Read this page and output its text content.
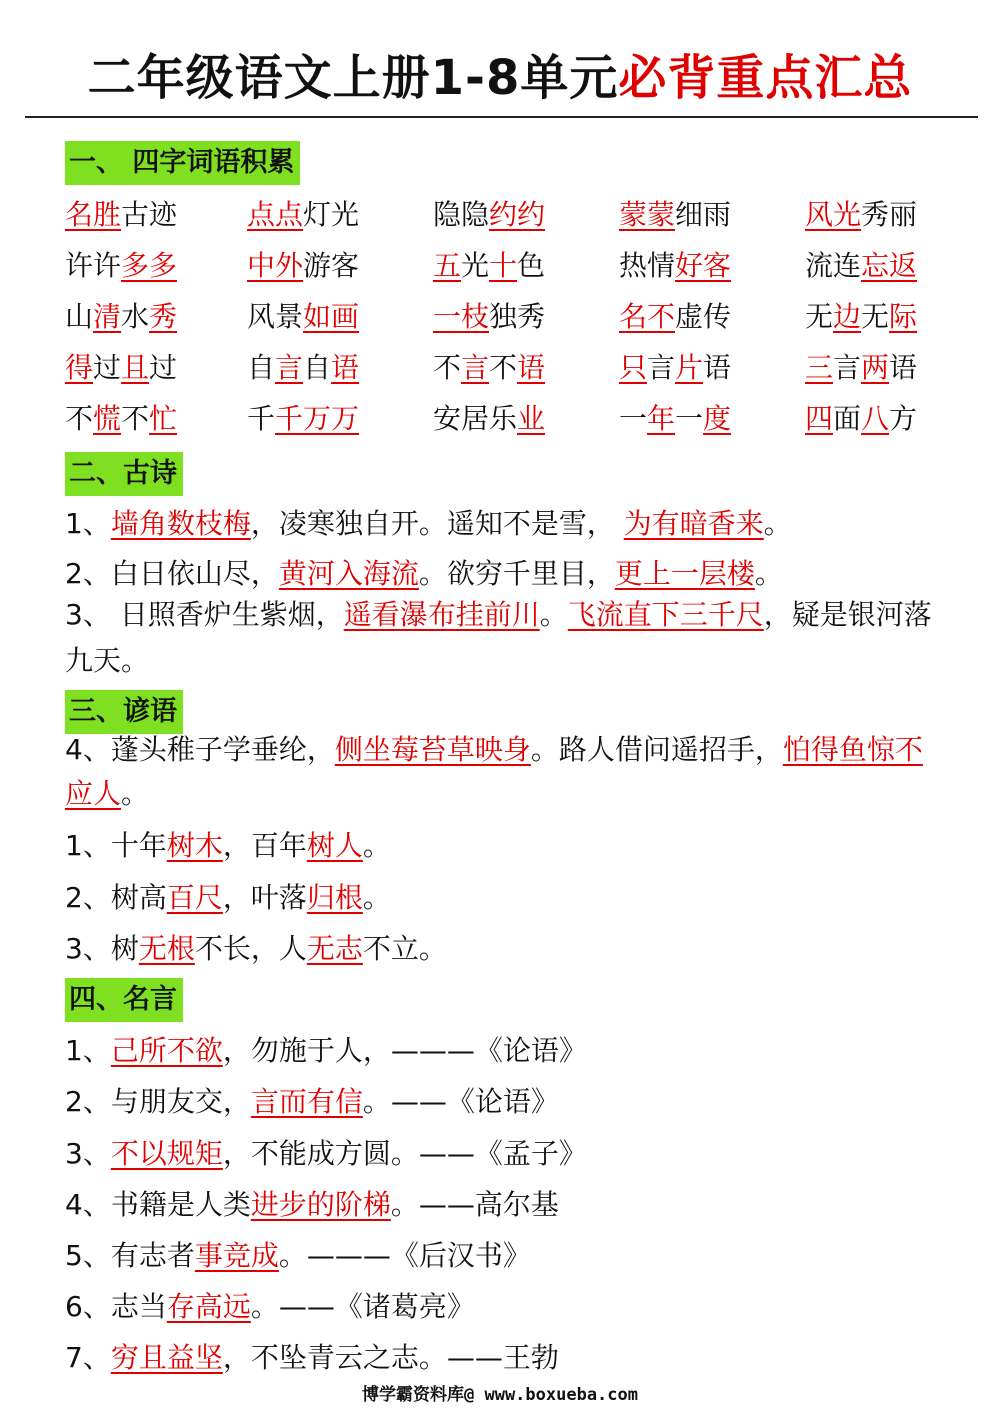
二年级语文上册1-8单元必背重点汇总
一、 四字词语积累
名胜古迹	点点灯光	隐隐约约	蒙蒙细雨	风光秀丽
许许多多	中外游客	五光十色	热情好客	流连忘返
山清水秀	风景如画	一枝独秀	名不虚传	无边无际
得过且过	自言自语	不言不语	只言片语	三言两语
不慌不忙	千千万万	安居乐业	一年一度	四面八方
二、古诗
1、墙角数枝梅，凌寒独自开。遥知不是雪， 为有暗香来。
2、白日依山尽，黄河入海流。欲穷千里目，更上一层楼。
3、 日照香炉生紫烟，遥看瀑布挂前川。飞流直下三千尺，疑是银河落九天。
三、谚语
4、蓬头稚子学垂纶，侧坐莓苔草映身。路人借问遥招手，怕得鱼惊不应人。
1、十年树木，百年树人。
2、树高百尺，叶落归根。
3、树无根不长，人无志不立。
四、名言
1、己所不欲，勿施于人，———《论语》
2、与朋友交，言而有信。——《论语》
3、不以规矩，不能成方圆。——《孟子》
4、书籍是人类进步的阶梯。——高尔基
5、有志者事竞成。———《后汉书》
6、志当存高远。——《诸葛亮》
7、穷且益坚，不坠青云之志。——王勃
博学霸资料库@ www.boxueba.com
